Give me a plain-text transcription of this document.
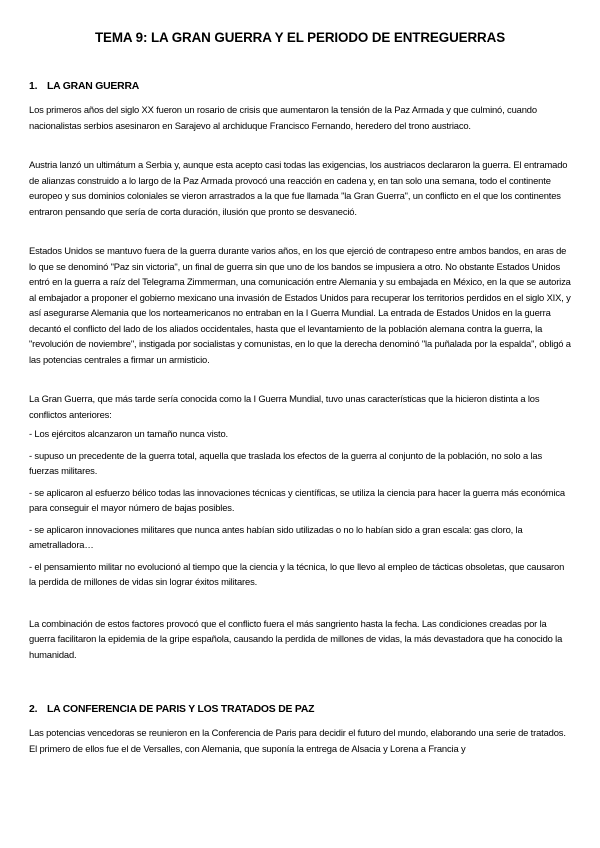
TEMA 9: LA GRAN GUERRA Y EL PERIODO DE ENTREGUERRAS
1. LA GRAN GUERRA

Los primeros años del siglo XX fueron un rosario de crisis que aumentaron la tensión de la Paz Armada y que culminó, cuando nacionalistas serbios asesinaron en Sarajevo al archiduque Francisco Fernando, heredero del trono austriaco.

Austria lanzó un ultimátum a Serbia y, aunque esta acepto casi todas las exigencias, los austriacos declararon la guerra. El entramado de alianzas construido a lo largo de la Paz Armada provocó una reacción en cadena y, en tan solo una semana, todo el continente europeo y sus dominios coloniales se vieron arrastrados a la que fue llamada "la Gran Guerra", un conflicto en el que los continentes entraron pensando que sería de corta duración, ilusión que pronto se desvaneció.

Estados Unidos se mantuvo fuera de la guerra durante varios años, en los que ejerció de contrapeso entre ambos bandos, en aras de lo que se denominó "Paz sin victoria", un final de guerra sin que uno de los bandos se impusiera a otro. No obstante Estados Unidos entró en la guerra a raíz del Telegrama Zimmerman, una comunicación entre Alemania y su embajada en México, en la que se autoriza al embajador a proponer el gobierno mexicano una invasión de Estados Unidos para recuperar los territorios perdidos en el siglo XIX, y así asegurarse Alemania que los norteamericanos no entraban en la I Guerra Mundial. La entrada de Estados Unidos en la guerra decantó el conflicto del lado de los aliados occidentales, hasta que el levantamiento de la población alemana contra la guerra, la "revolución de noviembre", instigada por socialistas y comunistas, en lo que la derecha denominó "la puñalada por la espalda", obligó a las potencias centrales a firmar un armisticio.

La Gran Guerra, que más tarde sería conocida como la I Guerra Mundial, tuvo unas características que la hicieron distinta a los conflictos anteriores:

- Los ejércitos alcanzaron un tamaño nunca visto.

- supuso un precedente de la guerra total, aquella que traslada los efectos de la guerra al conjunto de la población, no solo a las fuerzas militares.

- se aplicaron al esfuerzo bélico todas las innovaciones técnicas y científicas, se utiliza la ciencia para hacer la guerra más económica para conseguir el mayor número de bajas posibles.

- se aplicaron innovaciones militares que nunca antes habían sido utilizadas o no lo habían sido a gran escala: gas cloro, la ametralladora…

- el pensamiento militar no evolucionó al tiempo que la ciencia y la técnica, lo que llevo al empleo de tácticas obsoletas, que causaron la perdida de millones de vidas sin lograr éxitos militares.

La combinación de estos factores provocó que el conflicto fuera el más sangriento hasta la fecha. Las condiciones creadas por la guerra facilitaron la epidemia de la gripe española, causando la perdida de millones de vidas, la más devastadora que ha conocido la humanidad.

2. LA CONFERENCIA DE PARIS Y LOS TRATADOS DE PAZ

Las potencias vencedoras se reunieron en la Conferencia de Paris para decidir el futuro del mundo, elaborando una serie de tratados. El primero de ellos fue el de Versalles, con Alemania, que suponía la entrega de Alsacia y Lorena a Francia y
